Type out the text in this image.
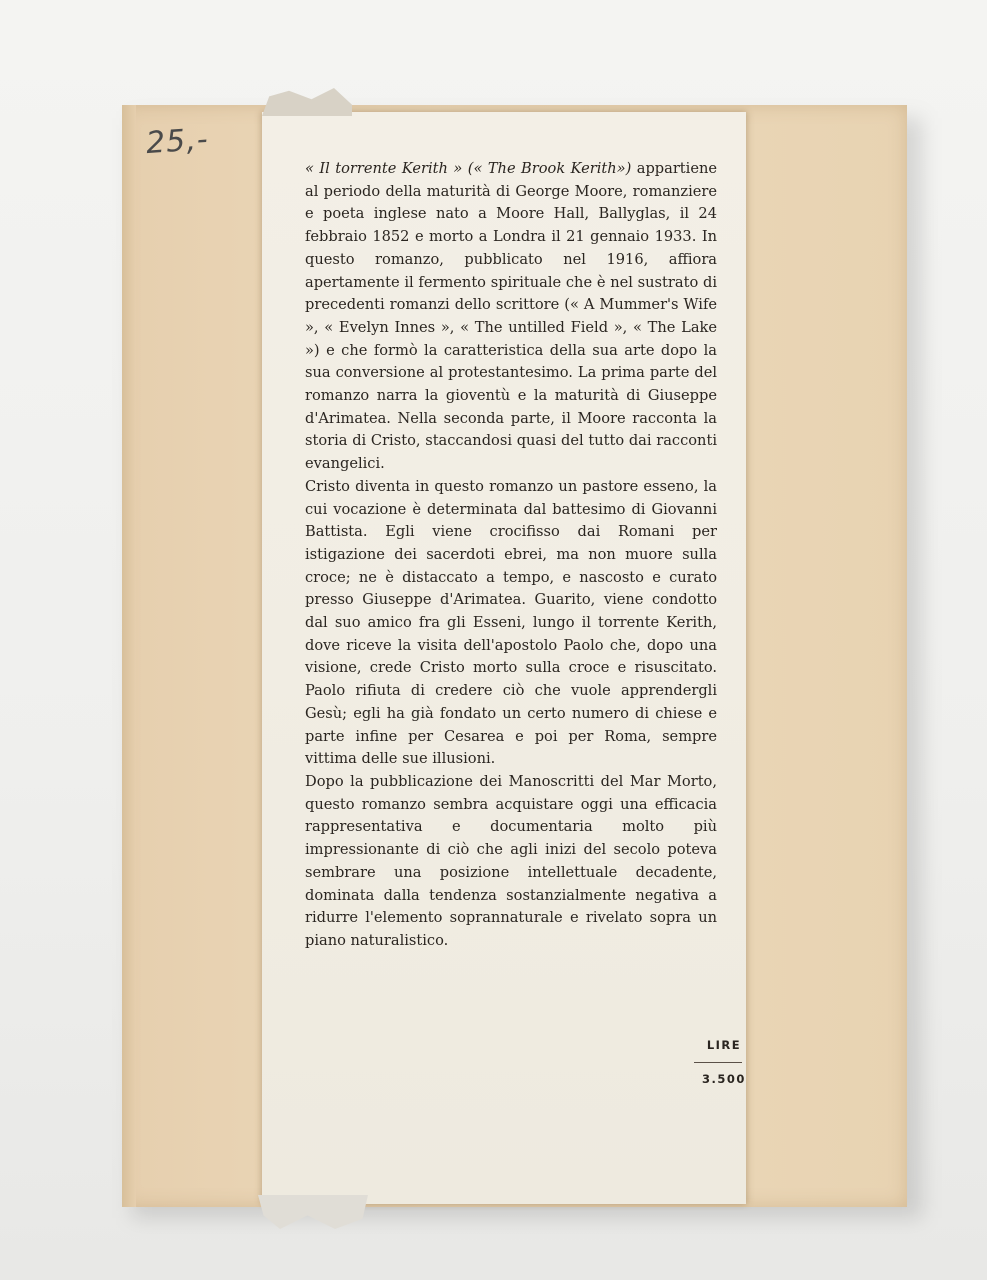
25,-

« Il torrente Kerith » (« The Brook Kerith») appartiene al periodo della maturità di George Moore, romanziere e poeta inglese nato a Moore Hall, Ballyglas, il 24 febbraio 1852 e morto a Londra il 21 gennaio 1933. In questo romanzo, pubblicato nel 1916, affiora apertamente il fermento spirituale che è nel sustrato di precedenti romanzi dello scrittore (« A Mummer's Wife », « Evelyn Innes », « The untilled Field », « The Lake ») e che formò la caratteristica della sua arte dopo la sua conversione al protestantesimo. La prima parte del romanzo narra la gioventù e la maturità di Giuseppe d'Arimatea. Nella seconda parte, il Moore racconta la storia di Cristo, staccandosi quasi del tutto dai racconti evangelici.

Cristo diventa in questo romanzo un pastore esseno, la cui vocazione è determinata dal battesimo di Giovanni Battista. Egli viene crocifisso dai Romani per istigazione dei sacerdoti ebrei, ma non muore sulla croce; ne è distaccato a tempo, e nascosto e curato presso Giuseppe d'Arimatea. Guarito, viene condotto dal suo amico fra gli Esseni, lungo il torrente Kerith, dove riceve la visita dell'apostolo Paolo che, dopo una visione, crede Cristo morto sulla croce e risuscitato. Paolo rifiuta di credere ciò che vuole apprendergli Gesù; egli ha già fondato un certo numero di chiese e parte infine per Cesarea e poi per Roma, sempre vittima delle sue illusioni.

Dopo la pubblicazione dei Manoscritti del Mar Morto, questo romanzo sembra acquistare oggi una efficacia rappresentativa e documentaria molto più impressionante di ciò che agli inizi del secolo poteva sembrare una posizione intellettuale decadente, dominata dalla tendenza sostanzialmente negativa a ridurre l'elemento soprannaturale e rivelato sopra un piano naturalistico.

LIRE
3.500
